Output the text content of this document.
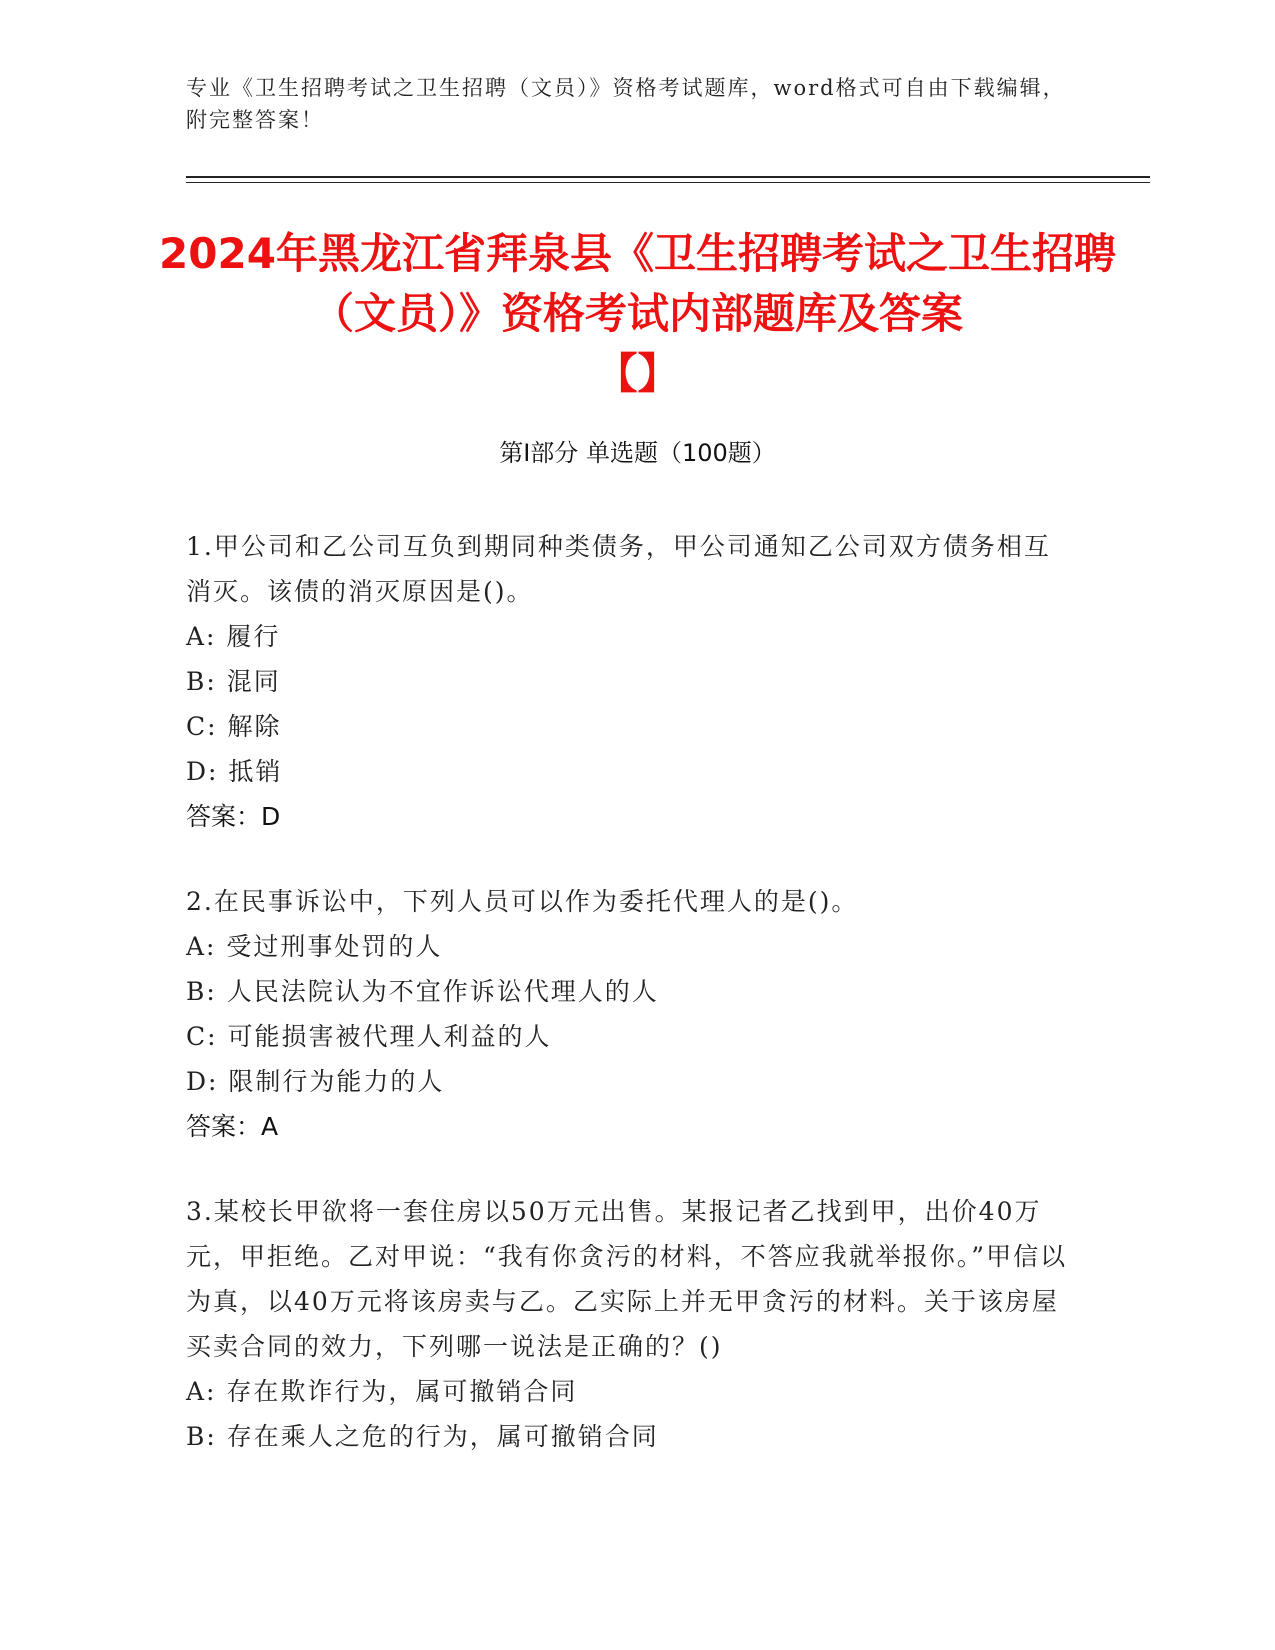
专业《卫生招聘考试之卫生招聘（文员）》资格考试题库，word格式可自由下载编辑，附完整答案！
2024年黑龙江省拜泉县《卫生招聘考试之卫生招聘（文员）》资格考试内部题库及答案
【】
第I部分 单选题（100题）
1.甲公司和乙公司互负到期同种类债务，甲公司通知乙公司双方债务相互消灭。该债的消灭原因是()。
A: 履行
B: 混同
C: 解除
D: 抵销
答案：D
2.在民事诉讼中，下列人员可以作为委托代理人的是()。
A: 受过刑事处罚的人
B: 人民法院认为不宜作诉讼代理人的人
C: 可能损害被代理人利益的人
D: 限制行为能力的人
答案：A
3.某校长甲欲将一套住房以50万元出售。某报记者乙找到甲，出价40万元，甲拒绝。乙对甲说：“我有你贪污的材料，不答应我就举报你。”甲信以为真，以40万元将该房卖与乙。乙实际上并无甲贪污的材料。关于该房屋买卖合同的效力，下列哪一说法是正确的？()
A: 存在欺诈行为，属可撤销合同
B: 存在乘人之危的行为，属可撤销合同
